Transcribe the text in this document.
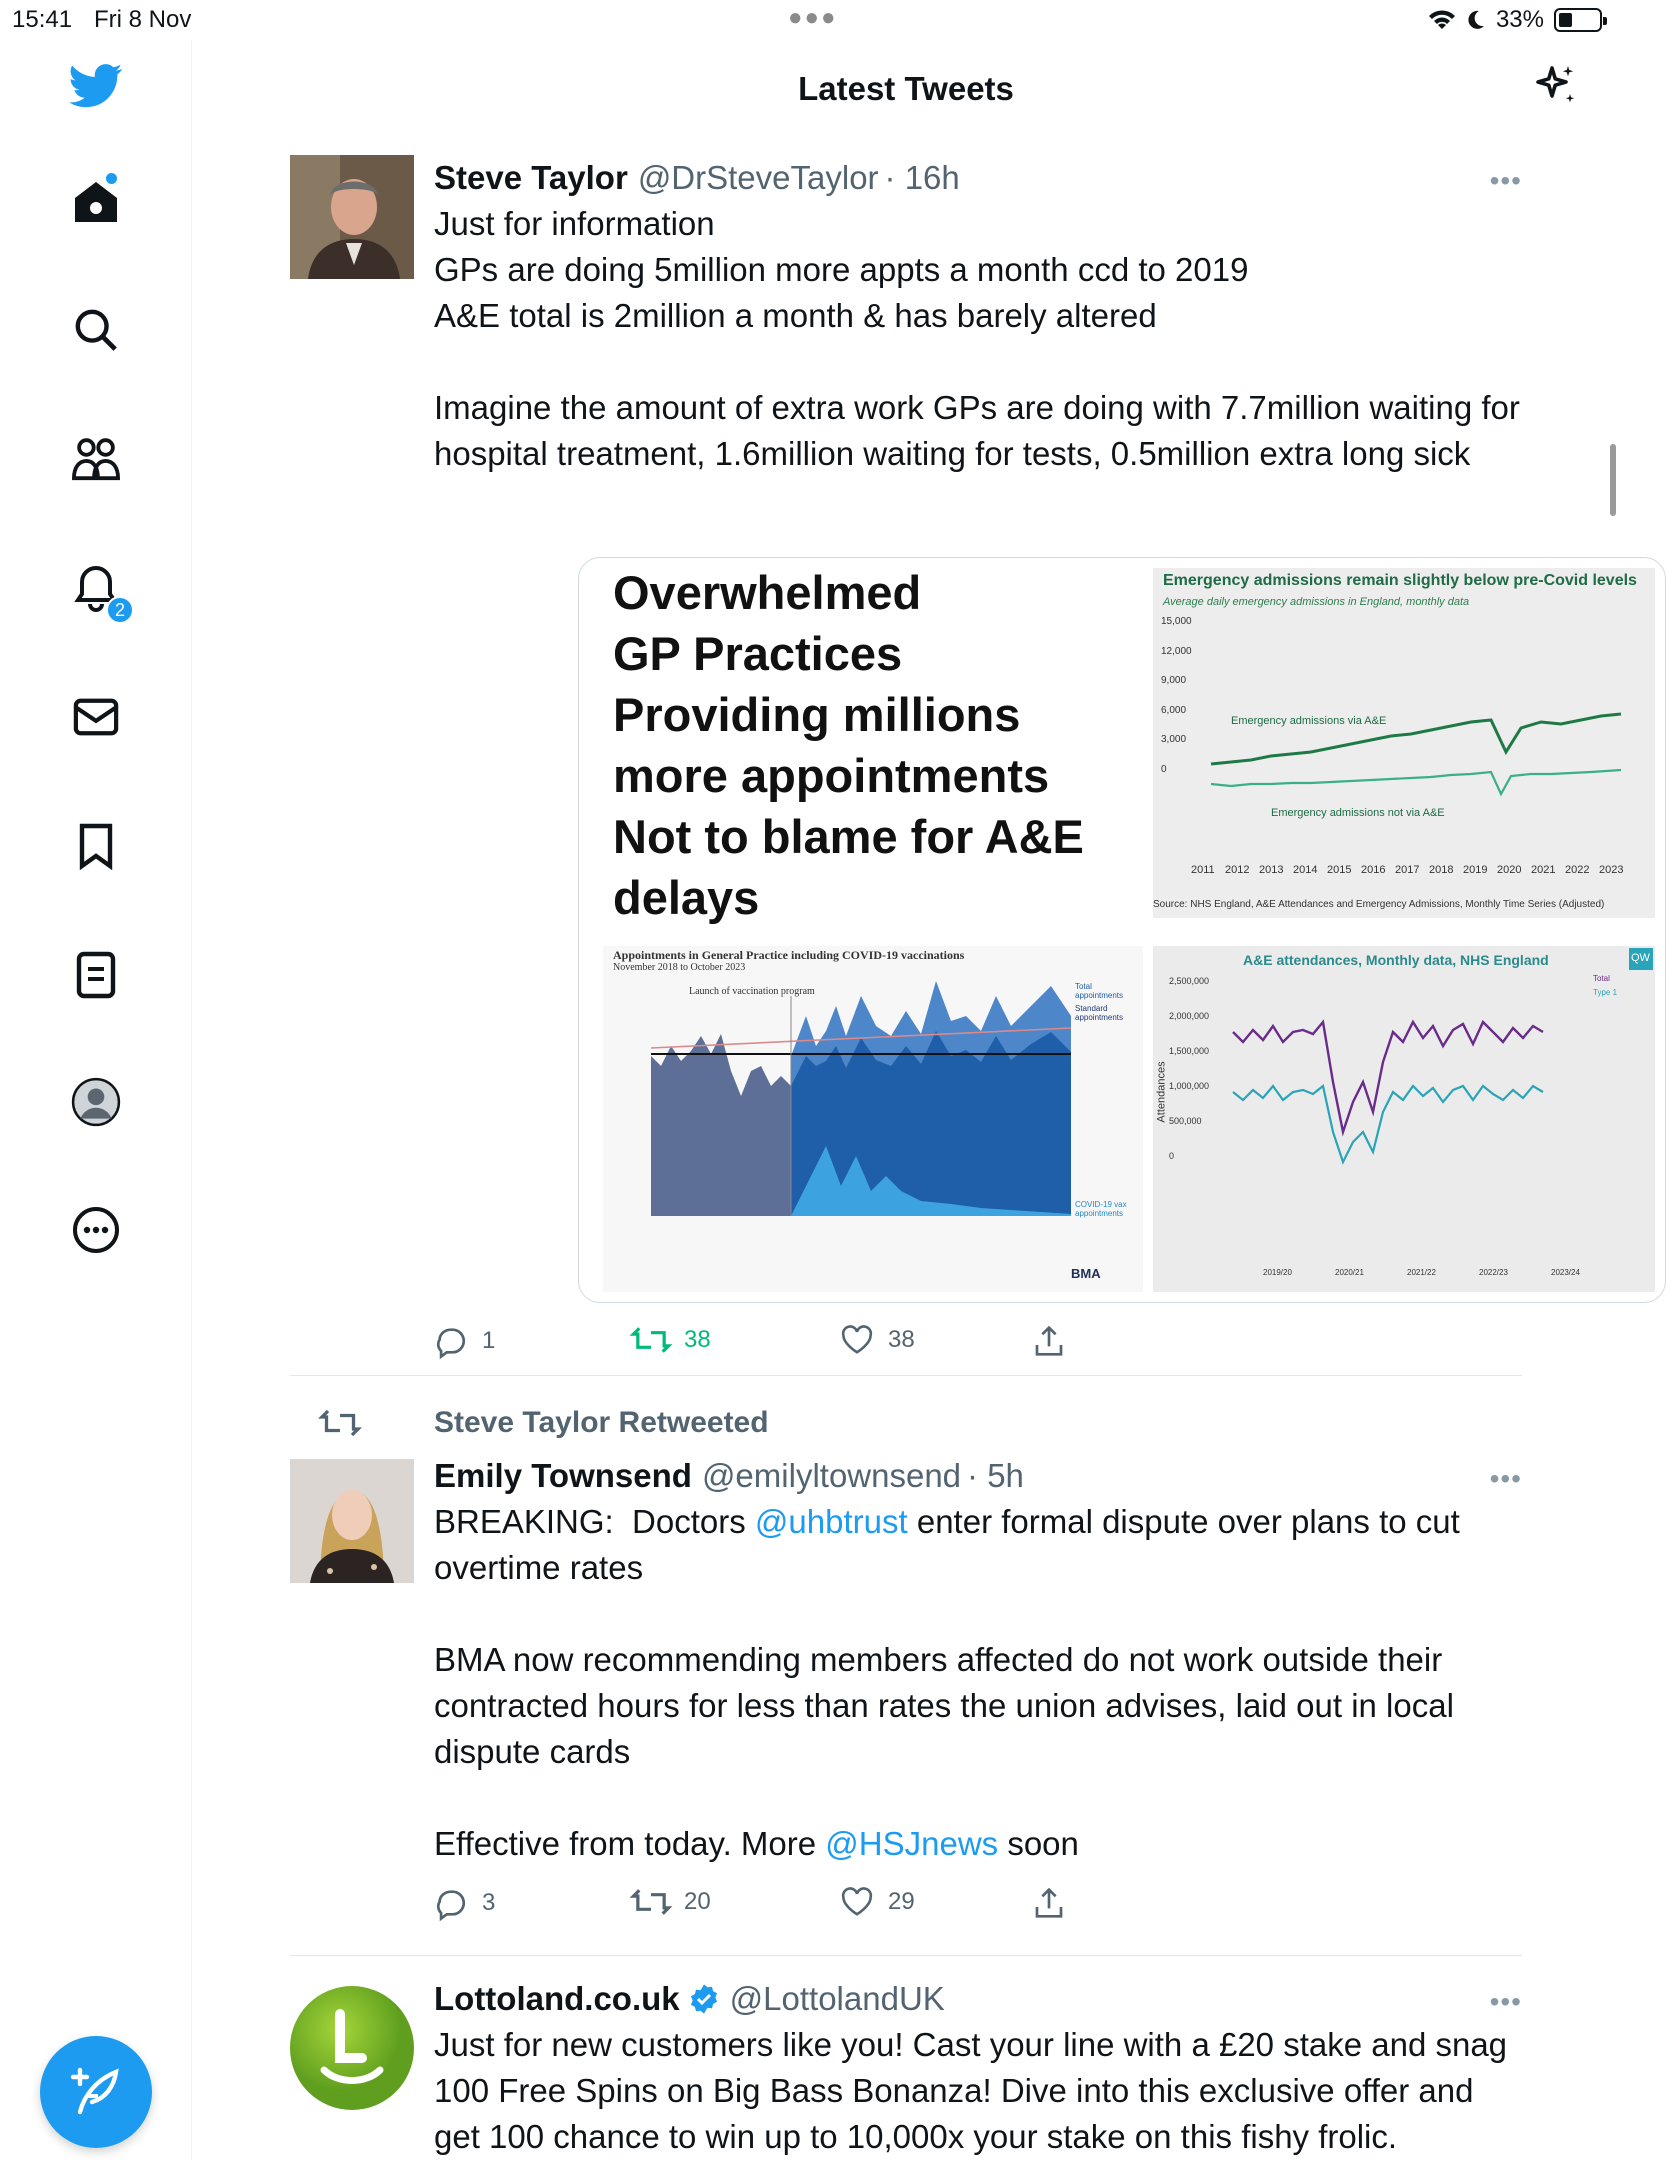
15:41 Fri 8 Nov	●●●	33%
2
Latest Tweets
Steve Taylor @DrSteveTaylor · 16h	•••
Just for information
GPs are doing 5million more appts a month ccd to 2019
A&E total is 2million a month & has barely altered

Imagine the amount of extra work GPs are doing with 7.7million waiting for hospital treatment, 1.6million waiting for tests, 0.5million extra long sick
Overwhelmed
GP Practices
Providing millions
more appointments
Not to blame for A&E
delays
Emergency admissions remain slightly below pre-Covid levels
Average daily emergency admissions in England, monthly data
15,000
12,000
9,000
6,000
3,000
0
2011 2012 2013 2014 2015 2016 2017 2018 2019 2020 2021 2022 2023
Emergency admissions via A&E
Emergency admissions not via A&E
Source: NHS England, A&E Attendances and Emergency Admissions, Monthly Time Series (Adjusted)
Appointments in General Practice including COVID-19 vaccinations
November 2018 to October 2023
Launch of vaccination program	Total appointments
Standard appointments
COVID-19 vax appointments
BMA
A&E attendances, Monthly data, NHS England	QW
Attendances
2,500,000
2,000,000
1,500,000
1,000,000
500,000
0
Total
Type 1
2019/20	2020/21	2021/22	2022/23	2023/24
1	38	38
Steve Taylor Retweeted
Emily Townsend @emilyltownsend · 5h	•••
BREAKING:  Doctors @uhbtrust enter formal dispute over plans to cut overtime rates

BMA now recommending members affected do not work outside their contracted hours for less than rates the union advises, laid out in local dispute cards

Effective from today. More @HSJnews soon
3	20	29
Lottoland.co.uk @LottolandUK	•••
Just for new customers like you! Cast your line with a £20 stake and snag 100 Free Spins on Big Bass Bonanza! Dive into this exclusive offer and get 100 chance to win up to 10,000x your stake on this fishy frolic.
